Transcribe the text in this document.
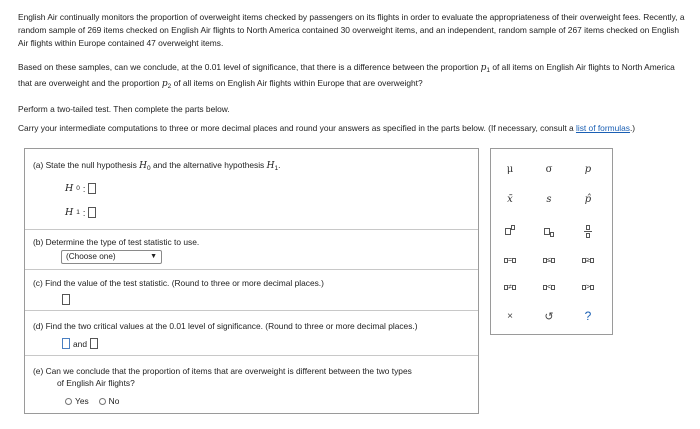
English Air continually monitors the proportion of overweight items checked by passengers on its flights in order to evaluate the appropriateness of their overweight fees. Recently, a random sample of 269 items checked on English Air flights to North America contained 30 overweight items, and an independent, random sample of 267 items checked on English Air flights within Europe contained 47 overweight items.
Based on these samples, can we conclude, at the 0.01 level of significance, that there is a difference between the proportion $p_1$ of all items on English Air flights to North America that are overweight and the proportion $p_2$ of all items on English Air flights within Europe that are overweight?
Perform a two-tailed test. Then complete the parts below.
Carry your intermediate computations to three or more decimal places and round your answers as specified in the parts below. (If necessary, consult a list of formulas.)
(a) State the null hypothesis $H_0$ and the alternative hypothesis $H_1$.
H 0 :
H 1 :
(b) Determine the type of test statistic to use.
(Choose one)	▼
(c) Find the value of the test statistic. (Round to three or more decimal places.)
(d) Find the two critical values at the 0.01 level of significance. (Round to three or more decimal places.)
and
(e) Can we conclude that the proportion of items that are overweight is different between the two types
of English Air flights?
Yes	No
μ	σ	p
x̄	s	p̂
=	≤	≥
≠	<	>
×	↺	?
